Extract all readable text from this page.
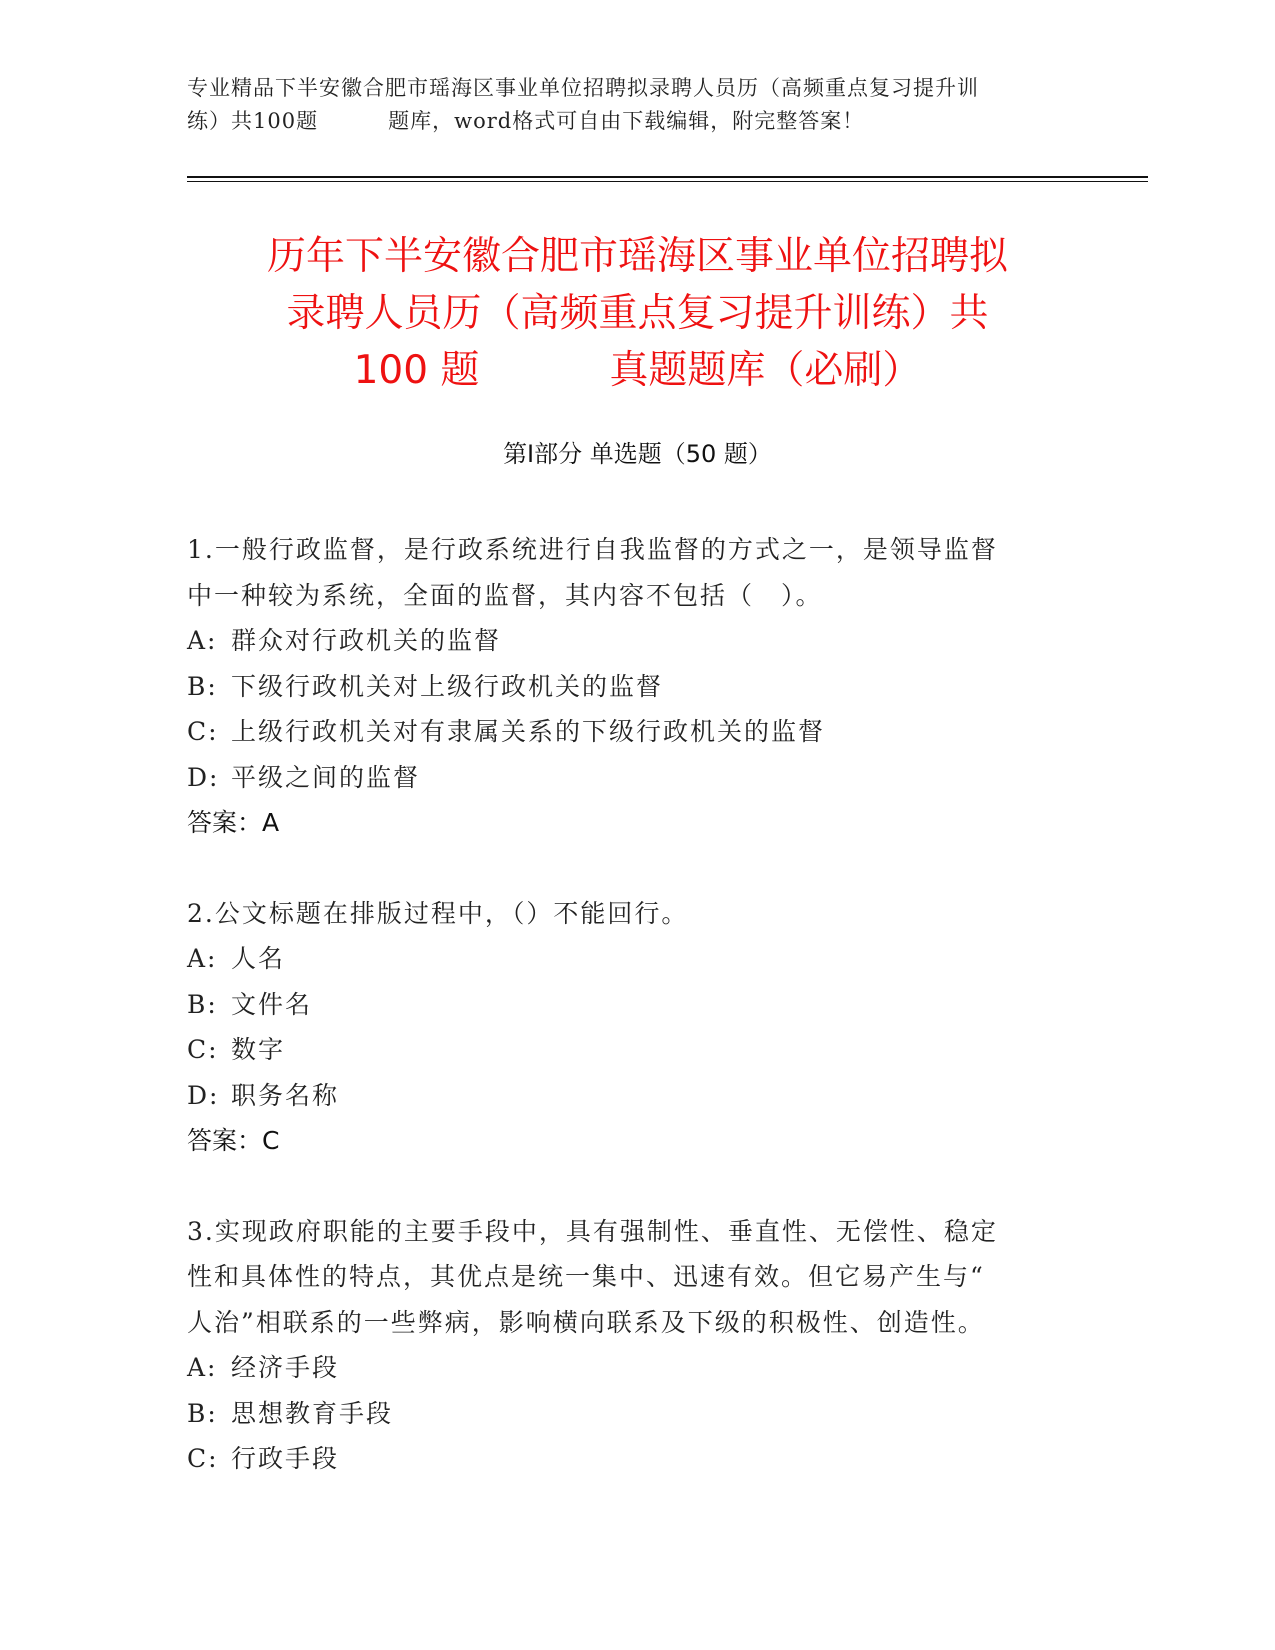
专业精品下半安徽合肥市瑶海区事业单位招聘拟录聘人员历（高频重点复习提升训
练）共100题	题库，word格式可自由下载编辑，附完整答案！
历年下半安徽合肥市瑶海区事业单位招聘拟
录聘人员历（高频重点复习提升训练）共
100 题	真题题库（必刷）
第Ⅰ部分 单选题（50 题）
1.一般行政监督，是行政系统进行自我监督的方式之一，是领导监督
中一种较为系统，全面的监督，其内容不包括（　）。
A: 群众对行政机关的监督
B: 下级行政机关对上级行政机关的监督
C: 上级行政机关对有隶属关系的下级行政机关的监督
D: 平级之间的监督
答案：A
2.公文标题在排版过程中，（）不能回行。
A: 人名
B: 文件名
C: 数字
D: 职务名称
答案：C
3.实现政府职能的主要手段中，具有强制性、垂直性、无偿性、稳定
性和具体性的特点，其优点是统一集中、迅速有效。但它易产生与“
人治”相联系的一些弊病，影响横向联系及下级的积极性、创造性。
A: 经济手段
B: 思想教育手段
C: 行政手段
